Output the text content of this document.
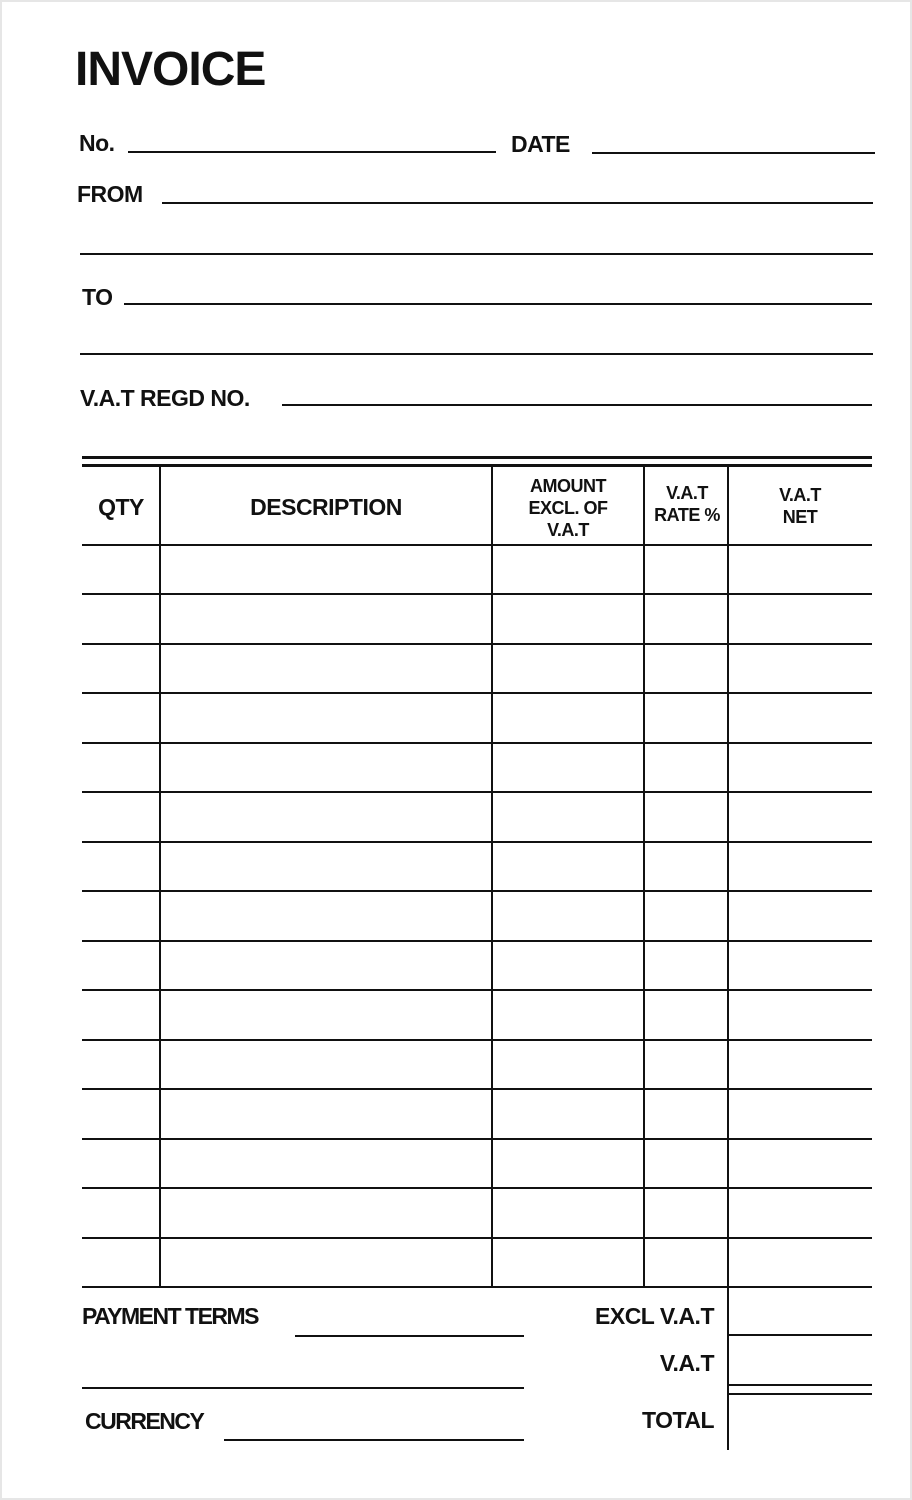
INVOICE
No.	DATE
FROM
TO
V.A.T REGD NO.
QTY	DESCRIPTION
AMOUNT
EXCL. OF
V.A.T
V.A.T
RATE %
V.A.T
NET
PAYMENT TERMS
CURRENCY
EXCL V.A.T
V.A.T
TOTAL
